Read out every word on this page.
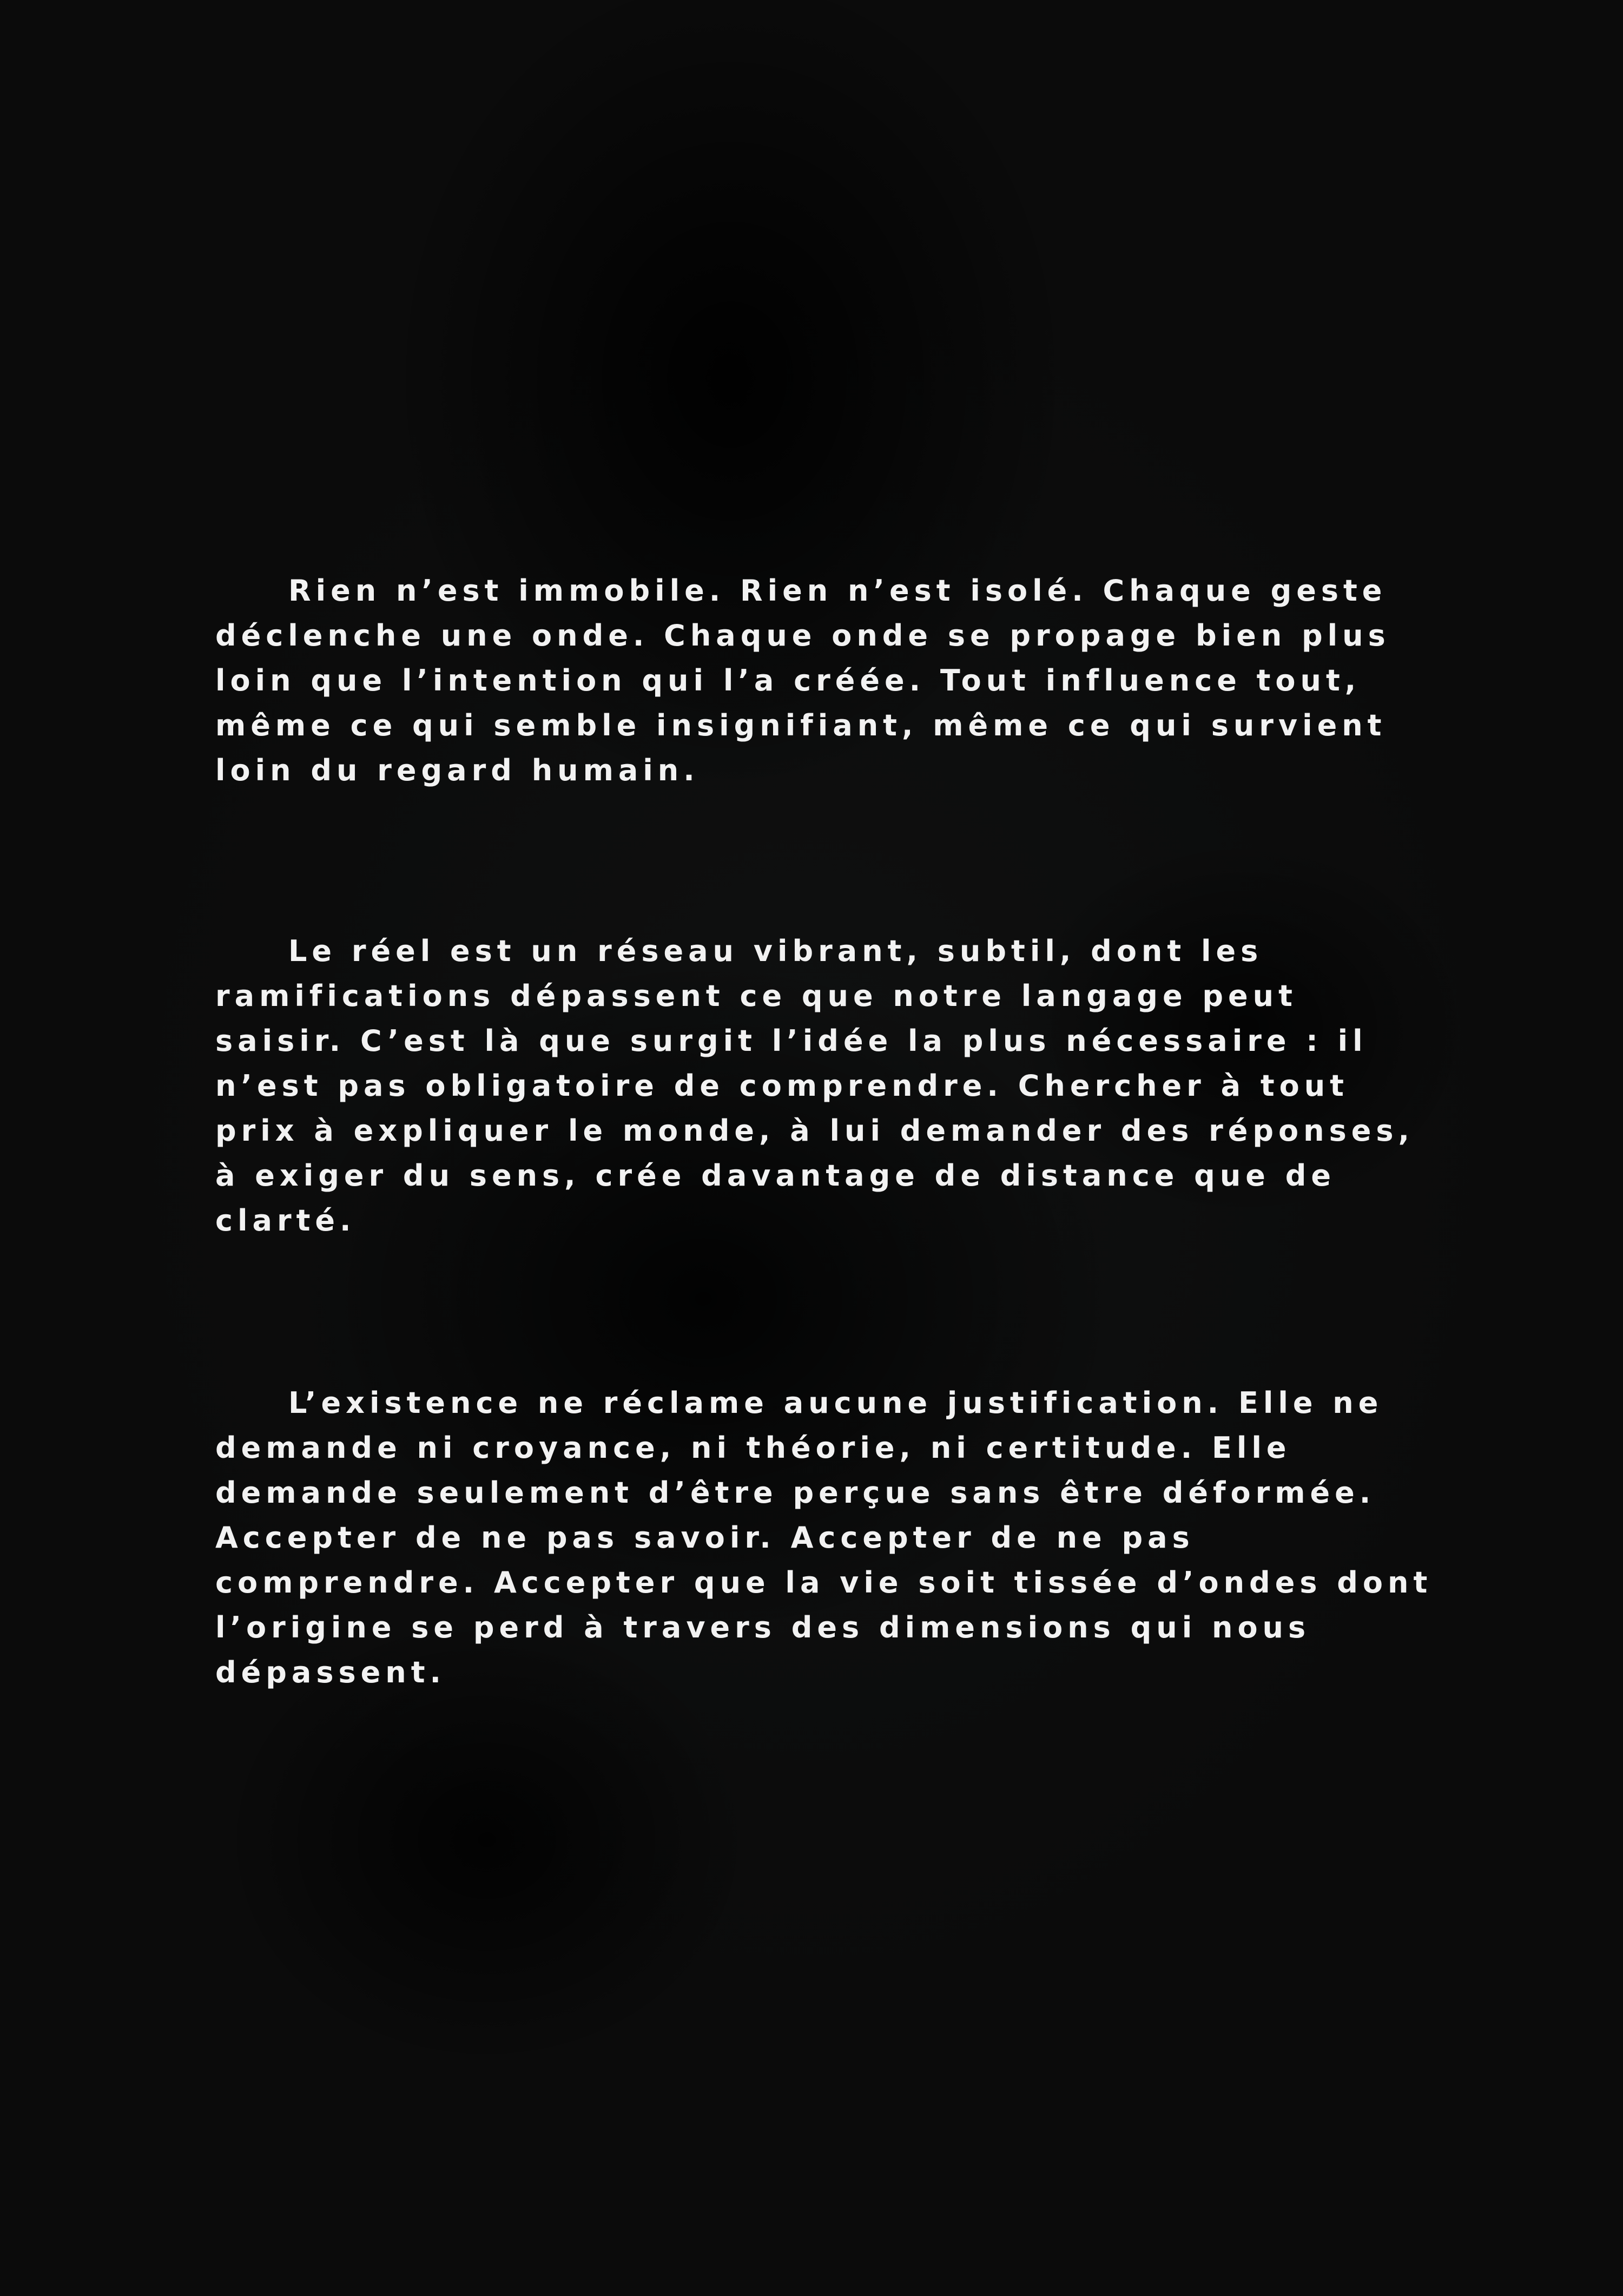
Rien n’est immobile. Rien n’est isolé. Chaque geste déclenche une onde. Chaque onde se propage bien plus loin que l’intention qui l’a créée. Tout influence tout, même ce qui semble insignifiant, même ce qui survient loin du regard humain.

Le réel est un réseau vibrant, subtil, dont les ramifications dépassent ce que notre langage peut saisir. C’est là que surgit l’idée la plus nécessaire : il n’est pas obligatoire de comprendre. Chercher à tout prix à expliquer le monde, à lui demander des réponses, à exiger du sens, crée davantage de distance que de clarté.

L’existence ne réclame aucune justification. Elle ne demande ni croyance, ni théorie, ni certitude. Elle demande seulement d’être perçue sans être déformée. Accepter de ne pas savoir. Accepter de ne pas comprendre. Accepter que la vie soit tissée d’ondes dont l’origine se perd à travers des dimensions qui nous dépassent.
